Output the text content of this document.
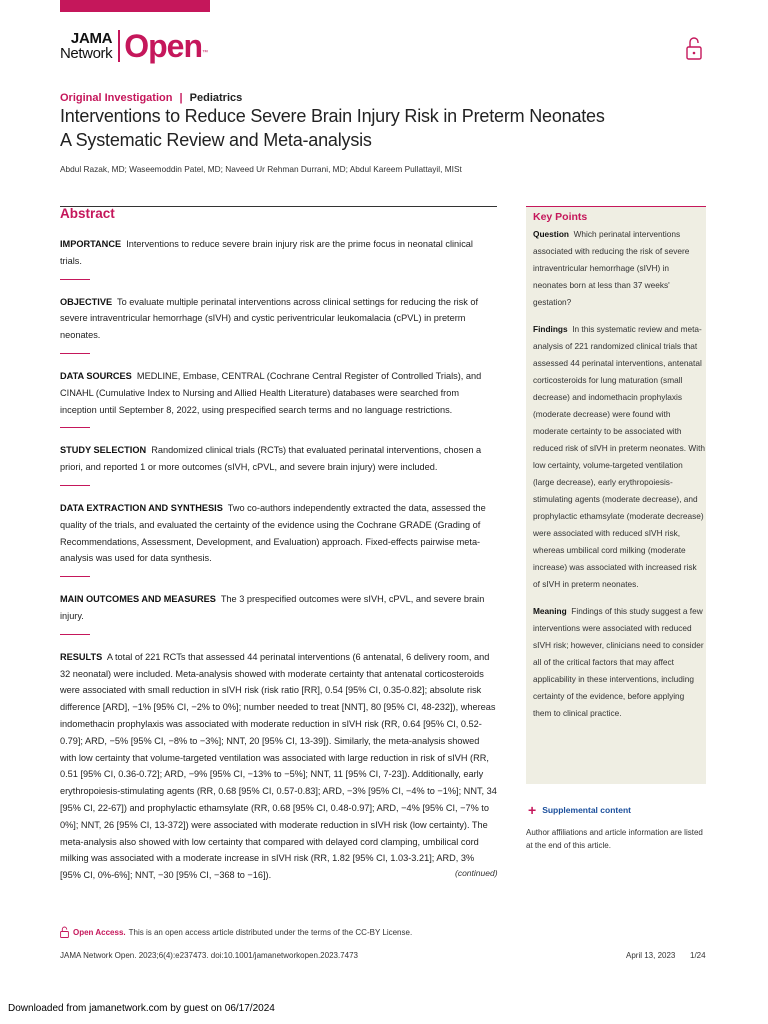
JAMA
Network Open ™
Original Investigation | Pediatrics
Interventions to Reduce Severe Brain Injury Risk in Preterm Neonates
A Systematic Review and Meta-analysis
Abdul Razak, MD; Waseemoddin Patel, MD; Naveed Ur Rehman Durrani, MD; Abdul Kareem Pullattayil, MISt
Abstract

IMPORTANCE Interventions to reduce severe brain injury risk are the prime focus in neonatal clinical trials.

OBJECTIVE To evaluate multiple perinatal interventions across clinical settings for reducing the risk of severe intraventricular hemorrhage (sIVH) and cystic periventricular leukomalacia (cPVL) in preterm neonates.

DATA SOURCES MEDLINE, Embase, CENTRAL (Cochrane Central Register of Controlled Trials), and CINAHL (Cumulative Index to Nursing and Allied Health Literature) databases were searched from inception until September 8, 2022, using prespecified search terms and no language restrictions.

STUDY SELECTION Randomized clinical trials (RCTs) that evaluated perinatal interventions, chosen a priori, and reported 1 or more outcomes (sIVH, cPVL, and severe brain injury) were included.

DATA EXTRACTION AND SYNTHESIS Two co-authors independently extracted the data, assessed the quality of the trials, and evaluated the certainty of the evidence using the Cochrane GRADE (Grading of Recommendations, Assessment, Development, and Evaluation) approach. Fixed-effects pairwise meta-analysis was used for data synthesis.

MAIN OUTCOMES AND MEASURES The 3 prespecified outcomes were sIVH, cPVL, and severe brain injury.

RESULTS A total of 221 RCTs that assessed 44 perinatal interventions (6 antenatal, 6 delivery room, and 32 neonatal) were included. Meta-analysis showed with moderate certainty that antenatal corticosteroids were associated with small reduction in sIVH risk (risk ratio [RR], 0.54 [95% CI, 0.35-0.82]; absolute risk difference [ARD], −1% [95% CI, −2% to 0%]; number needed to treat [NNT], 80 [95% CI, 48-232]), whereas indomethacin prophylaxis was associated with moderate reduction in sIVH risk (RR, 0.64 [95% CI, 0.52-0.79]; ARD, −5% [95% CI, −8% to −3%]; NNT, 20 [95% CI, 13-39]). Similarly, the meta-analysis showed with low certainty that volume-targeted ventilation was associated with large reduction in risk of sIVH (RR, 0.51 [95% CI, 0.36-0.72]; ARD, −9% [95% CI, −13% to −5%]; NNT, 11 [95% CI, 7-23]). Additionally, early erythropoiesis-stimulating agents (RR, 0.68 [95% CI, 0.57-0.83]; ARD, −3% [95% CI, −4% to −1%]; NNT, 34 [95% CI, 22-67]) and prophylactic ethamsylate (RR, 0.68 [95% CI, 0.48-0.97]; ARD, −4% [95% CI, −7% to 0%]; NNT, 26 [95% CI, 13-372]) were associated with moderate reduction in sIVH risk (low certainty). The meta-analysis also showed with low certainty that compared with delayed cord clamping, umbilical cord milking was associated with a moderate increase in sIVH risk (RR, 1.82 [95% CI, 1.03-3.21]; ARD, 3% [95% CI, 0%-6%]; NNT, −30 [95% CI, −368 to −16]).	(continued)
Key Points

Question Which perinatal interventions associated with reducing the risk of severe intraventricular hemorrhage (sIVH) in neonates born at less than 37 weeks' gestation?

Findings In this systematic review and meta-analysis of 221 randomized clinical trials that assessed 44 perinatal interventions, antenatal corticosteroids for lung maturation (small decrease) and indomethacin prophylaxis (moderate decrease) were found with moderate certainty to be associated with reduced risk of sIVH in preterm neonates. With low certainty, volume-targeted ventilation (large decrease), early erythropoiesis-stimulating agents (moderate decrease), and prophylactic ethamsylate (moderate decrease) were associated with reduced sIVH risk, whereas umbilical cord milking (moderate increase) was associated with increased risk of sIVH in preterm neonates.

Meaning Findings of this study suggest a few interventions were associated with reduced sIVH risk; however, clinicians need to consider all of the critical factors that may affect applicability in these interventions, including certainty of the evidence, before applying them to clinical practice.

+ Supplemental content
Author affiliations and article information are listed at the end of this article.
Open Access. This is an open access article distributed under the terms of the CC-BY License.
JAMA Network Open. 2023;6(4):e237473. doi:10.1001/jamanetworkopen.2023.7473	April 13, 2023 1/24
Downloaded from jamanetwork.com by guest on 06/17/2024
